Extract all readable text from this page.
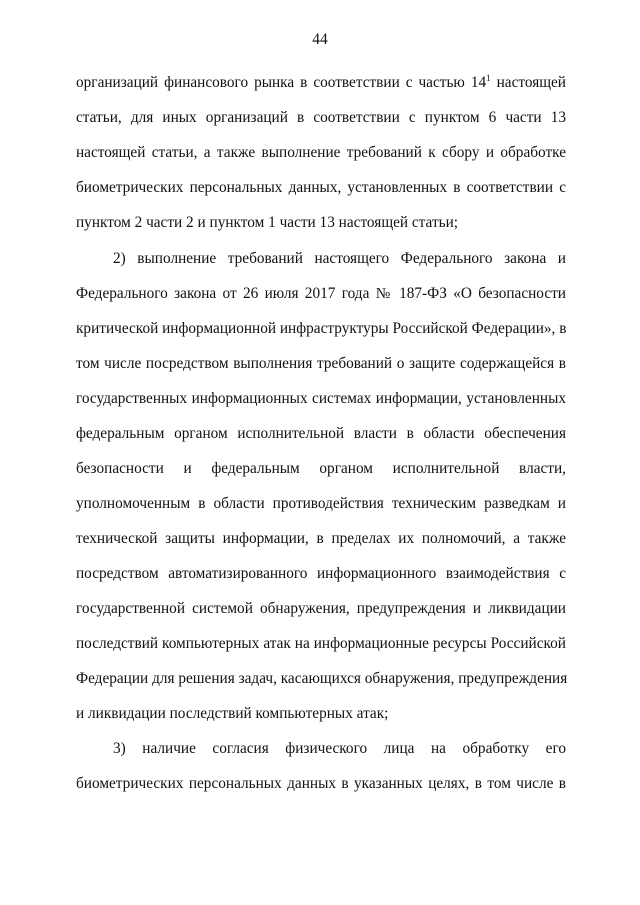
44
организаций финансового рынка в соответствии с частью $14^1$ настоящей
статьи, для иных организаций в соответствии с пунктом 6 части 13
настоящей статьи, а также выполнение требований к сбору и обработке
биометрических персональных данных, установленных в соответствии с
пунктом 2 части 2 и пунктом 1 части 13 настоящей статьи;
2) выполнение требований настоящего Федерального закона и
Федерального закона от 26 июля 2017 года № 187-ФЗ «О безопасности
критической информационной инфраструктуры Российской Федерации», в
том числе посредством выполнения требований о защите содержащейся в
государственных информационных системах информации, установленных
федеральным органом исполнительной власти в области обеспечения
безопасности и федеральным органом исполнительной власти,
уполномоченным в области противодействия техническим разведкам и
технической защиты информации, в пределах их полномочий, а также
посредством автоматизированного информационного взаимодействия с
государственной системой обнаружения, предупреждения и ликвидации
последствий компьютерных атак на информационные ресурсы Российской
Федерации для решения задач, касающихся обнаружения, предупреждения
и ликвидации последствий компьютерных атак;
3) наличие согласия физического лица на обработку его
биометрических персональных данных в указанных целях, в том числе в
